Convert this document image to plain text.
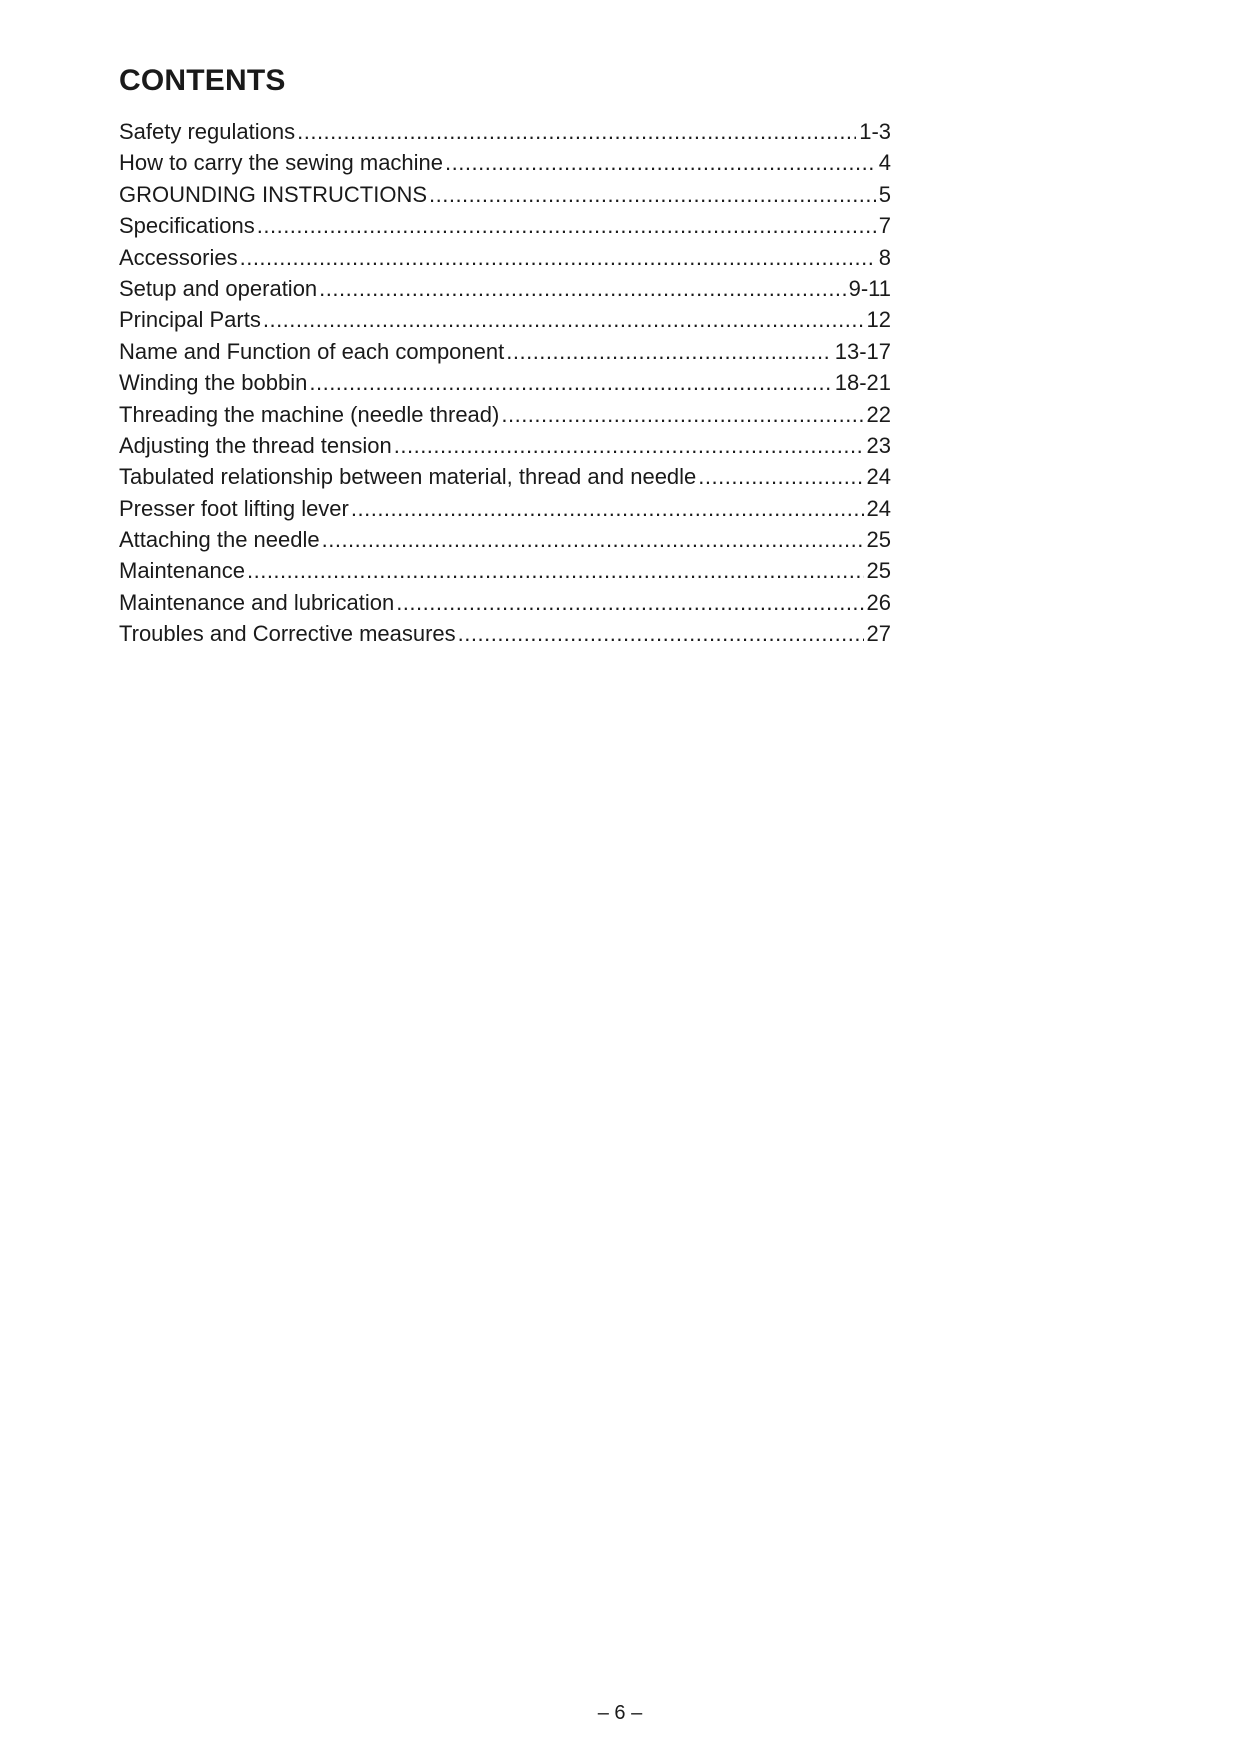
CONTENTS
Safety regulations .....	1-3
How to carry the sewing machine .....	4
GROUNDING INSTRUCTIONS .....	5
Specifications .....	7
Accessories .....	8
Setup and operation .....	9-11
Principal Parts .....	12
Name and Function of each component .....	13-17
Winding the bobbin .....	18-21
Threading the machine (needle thread) .....	22
Adjusting the thread tension .....	23
Tabulated relationship between material, thread and needle .....	24
Presser foot lifting lever .....	24
Attaching the needle .....	25
Maintenance .....	25
Maintenance and lubrication .....	26
Troubles and Corrective measures .....	27
– 6 –
